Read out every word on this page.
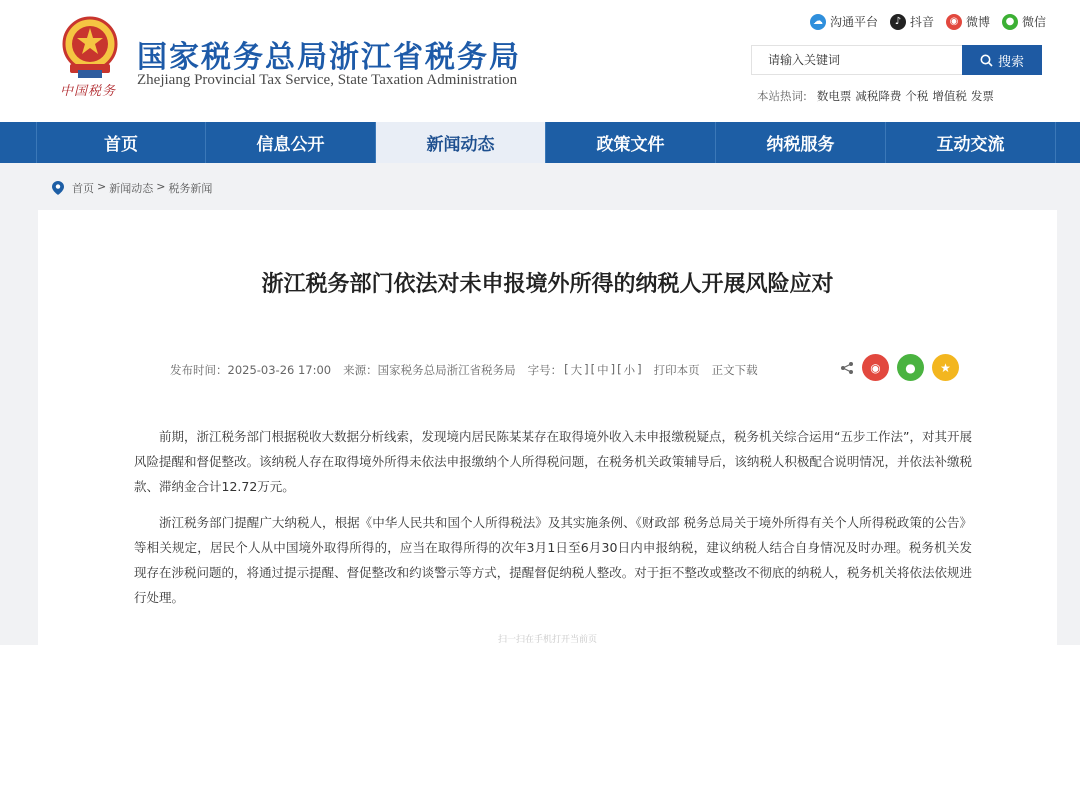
中国税务
国家税务总局浙江省税务局
Zhejiang Provincial Tax Service, State Taxation Administration
☁ 沟通平台	♪ 抖音	◉ 微博	● 微信
请输入关键词
搜索
本站热词: 数电票 减税降费 个税 增值税 发票
首页	信息公开	新闻动态	政策文件	纳税服务	互动交流
首页 > 新闻动态 > 税务新闻
浙江税务部门依法对未申报境外所得的纳税人开展风险应对
发布时间：2025-03-26 17:00 来源：国家税务总局浙江省税务局 字号： [ 大 ] [ 中 ] [ 小 ] 打印本页 正文下载	◉	●	★

前期，浙江税务部门根据税收大数据分析线索，发现境内居民陈某某存在取得境外收入未申报缴税疑点，税务机关综合运用“五步工作法”，对其开展风险提醒和督促整改。该纳税人存在取得境外所得未依法申报缴纳个人所得税问题，在税务机关政策辅导后，该纳税人积极配合说明情况，并依法补缴税款、滞纳金合计12.72万元。

浙江税务部门提醒广大纳税人，根据《中华人民共和国个人所得税法》及其实施条例、《财政部 税务总局关于境外所得有关个人所得税政策的公告》等相关规定，居民个人从中国境外取得所得的，应当在取得所得的次年3月1日至6月30日内申报纳税，建议纳税人结合自身情况及时办理。税务机关发现存在涉税问题的，将通过提示提醒、督促整改和约谈警示等方式，提醒督促纳税人整改。对于拒不整改或整改不彻底的纳税人，税务机关将依法依规进行处理。

扫一扫在手机打开当前页
